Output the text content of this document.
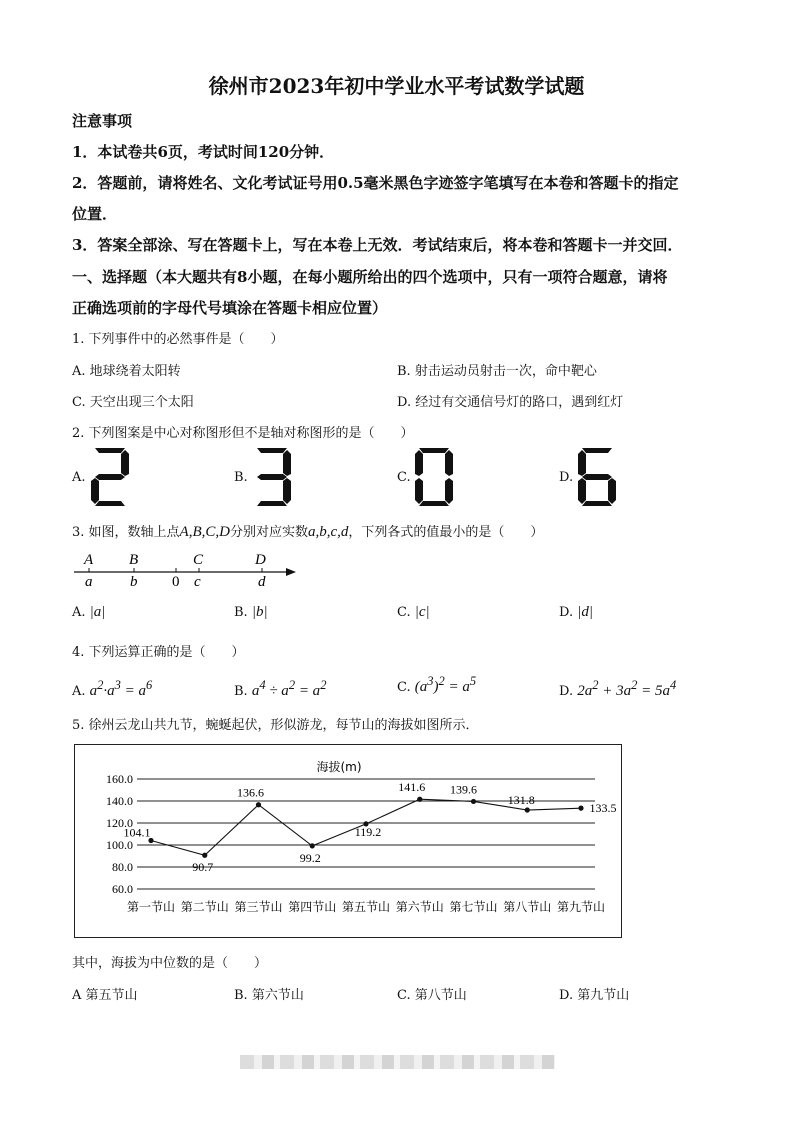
徐州市2023年初中学业水平考试数学试题
注意事项
1．本试卷共6页，考试时间120分钟．
2．答题前，请将姓名、文化考试证号用0.5毫米黑色字迹签字笔填写在本卷和答题卡的指定
位置．
3．答案全部涂、写在答题卡上，写在本卷上无效．考试结束后，将本卷和答题卡一并交回．
一、选择题（本大题共有8小题，在每小题所给出的四个选项中，只有一项符合题意，请将
正确选项前的字母代号填涂在答题卡相应位置）
1. 下列事件中的必然事件是（　　）
A. 地球绕着太阳转	B. 射击运动员射击一次，命中靶心
C. 天空出现三个太阳	D. 经过有交通信号灯的路口，遇到红灯
2. 下列图案是中心对称图形但不是轴对称图形的是（　　）
A.	B.	C.	D.
3. 如图，数轴上点A,B,C,D分别对应实数a,b,c,d，下列各式的值最小的是（　　）
A B	C	D
a	b 0 c	d
A. |a|	B. |b|	C. |c|	D. |d|
4. 下列运算正确的是（　　）
A. $a^2\cdot a^3 = a^6$	B. $a^4 \div a^2 = a^2$	C. $(a^3)^2 = a^5$
D. $2a^2 + 3a^2 = 5a^4$
5. 徐州云龙山共九节，蜿蜒起伏，形似游龙，每节山的海拔如图所示．
海拔(m)
160.0
140.0
120.0
100.0
80.0
60.0
104.1
90.7
136.6
99.2
119.2
141.6 139.6
131.8
133.5
第一节山 第二节山 第三节山 第四节山 第五节山 第六节山 第七节山 第八节山 第九节山
其中，海拔为中位数的是（　　）
A 第五节山	B. 第六节山	C. 第八节山	D. 第九节山
